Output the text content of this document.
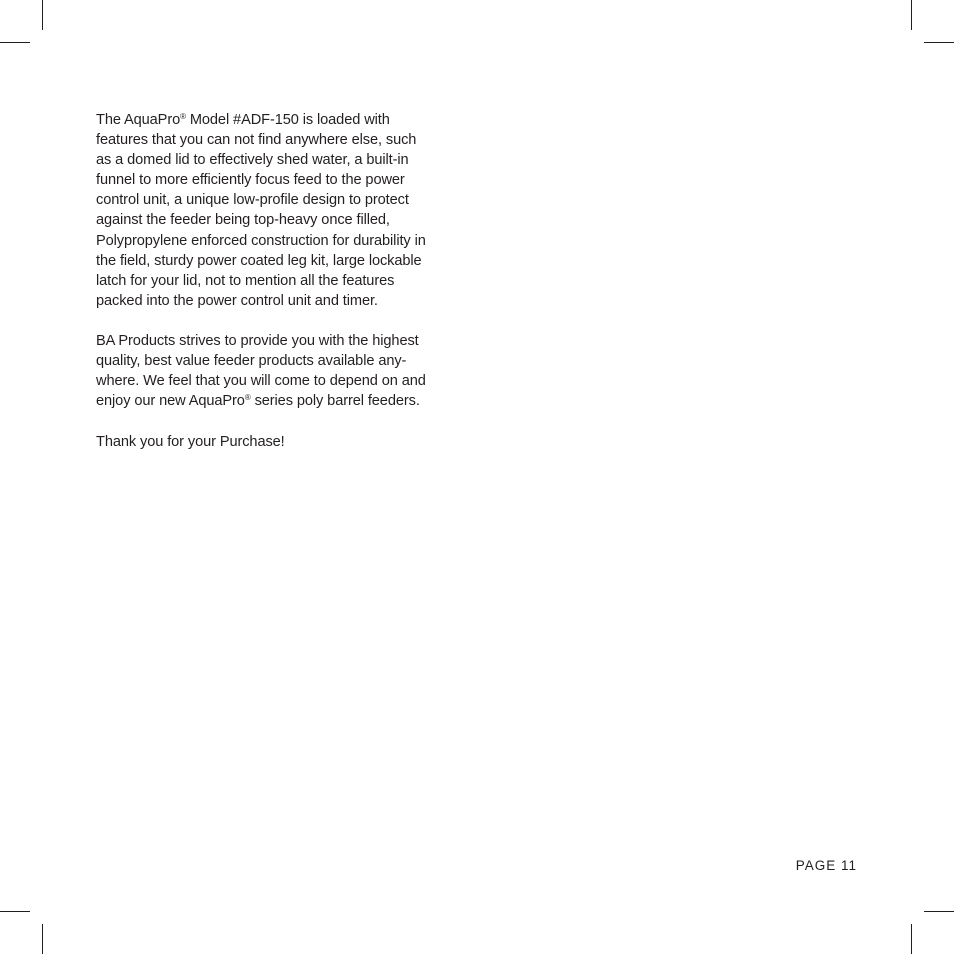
The AquaPro® Model #ADF-150 is loaded with
features that you can not find anywhere else, such
as a domed lid to effectively shed water, a built-in
funnel to more efficiently focus feed to the power
control unit, a unique low-profile design to protect
against the feeder being top-heavy once filled,
Polypropylene enforced construction for durability in
the field, sturdy power coated leg kit, large lockable
latch for your lid, not to mention all the features
packed into the power control unit and timer.

BA Products strives to provide you with the highest
quality, best value feeder products available any-
where. We feel that you will come to depend on and
enjoy our new AquaPro® series poly barrel feeders.

Thank you for your Purchase!

PAGE 11
